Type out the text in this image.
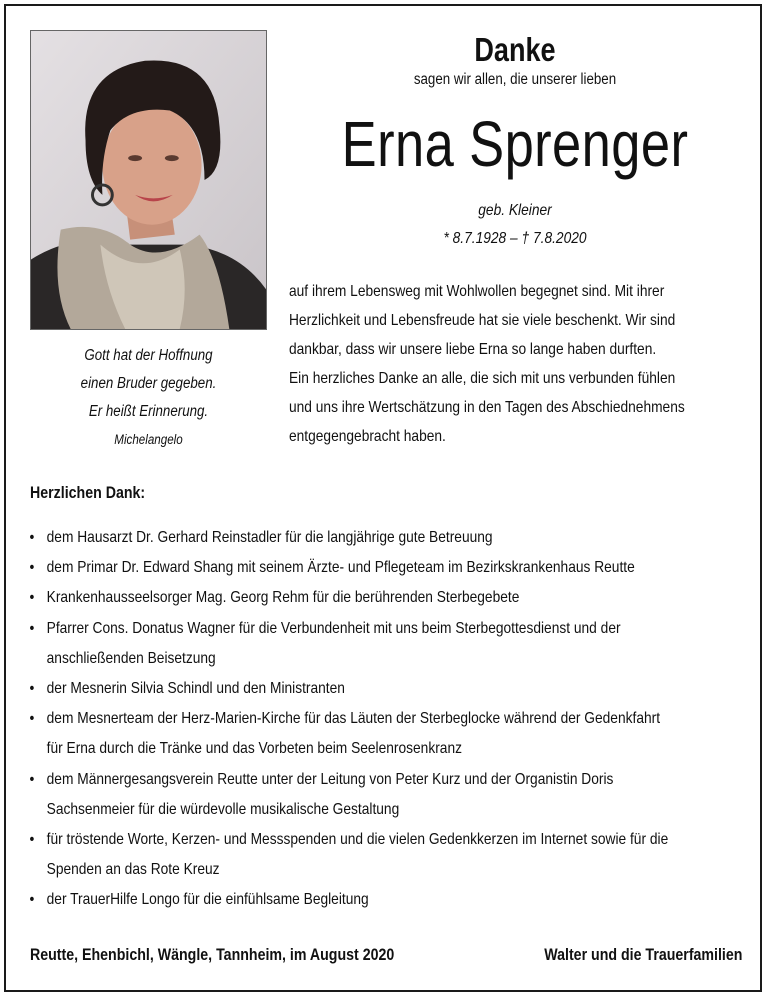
Gott hat der Hoffnung
einen Bruder gegeben.
Er heißt Erinnerung.
Michelangelo
Danke
sagen wir allen, die unserer lieben
Erna Sprenger
geb. Kleiner
* 8.7.1928 – † 7.8.2020
auf ihrem Lebensweg mit Wohlwollen begegnet sind. Mit ihrer
Herzlichkeit und Lebensfreude hat sie viele beschenkt. Wir sind
dankbar, dass wir unsere liebe Erna so lange haben durften.
Ein herzliches Danke an alle, die sich mit uns verbunden fühlen
und uns ihre Wertschätzung in den Tagen des Abschiednehmens
entgegengebracht haben.
Herzlichen Dank:
• dem Hausarzt Dr. Gerhard Reinstadler für die langjährige gute Betreuung
• dem Primar Dr. Edward Shang mit seinem Ärzte- und Pflegeteam im Bezirkskrankenhaus Reutte
• Krankenhausseelsorger Mag. Georg Rehm für die berührenden Sterbegebete
• Pfarrer Cons. Donatus Wagner für die Verbundenheit mit uns beim Sterbegottesdienst und der
anschließenden Beisetzung
• der Mesnerin Silvia Schindl und den Ministranten
• dem Mesnerteam der Herz-Marien-Kirche für das Läuten der Sterbeglocke während der Gedenkfahrt
für Erna durch die Tränke und das Vorbeten beim Seelenrosenkranz
• dem Männergesangsverein Reutte unter der Leitung von Peter Kurz und der Organistin Doris
Sachsenmeier für die würdevolle musikalische Gestaltung
• für tröstende Worte, Kerzen- und Messspenden und die vielen Gedenkkerzen im Internet sowie für die
Spenden an das Rote Kreuz
• der TrauerHilfe Longo für die einfühlsame Begleitung
Reutte, Ehenbichl, Wängle, Tannheim, im August 2020	Walter und die Trauerfamilien
